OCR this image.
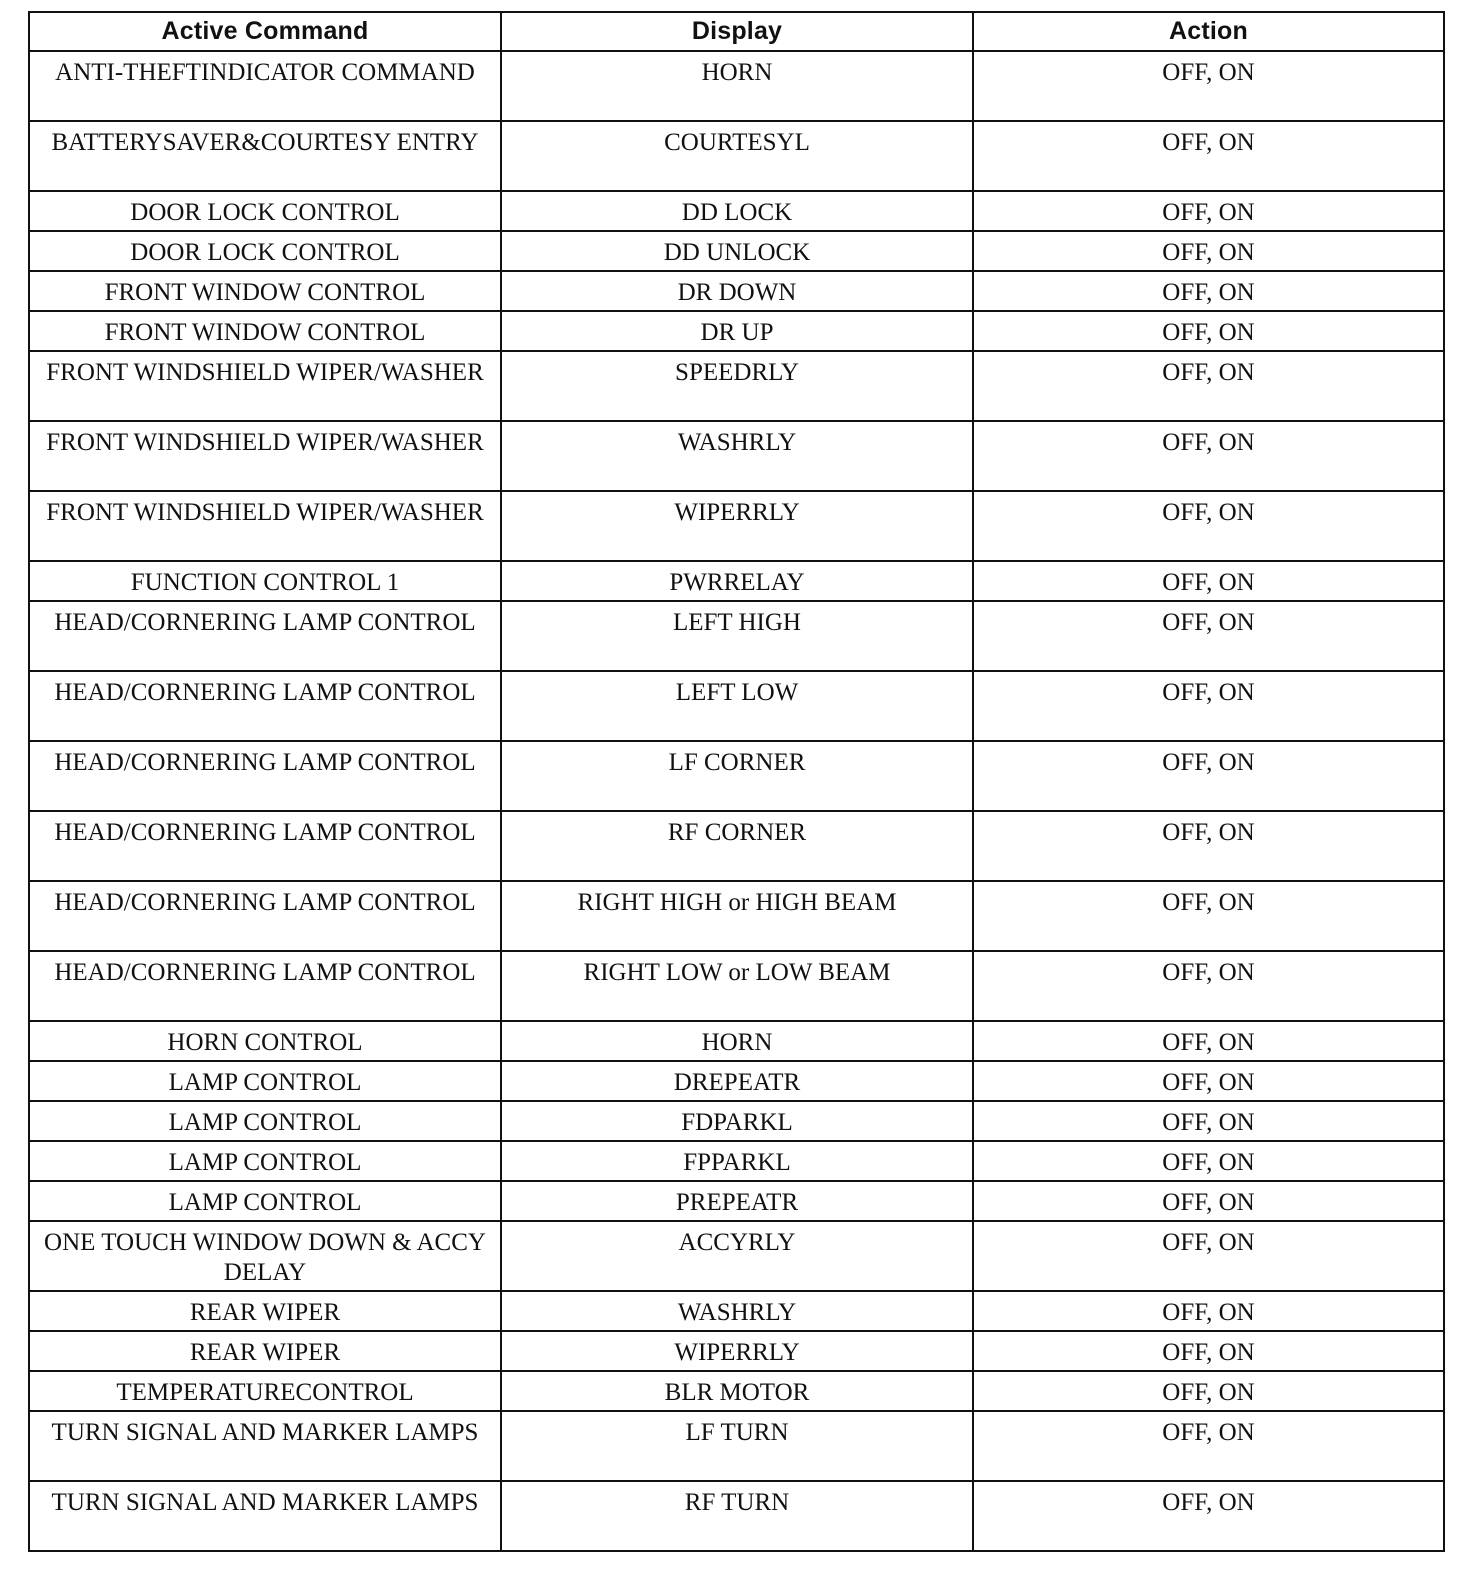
Active Command	Display	Action
ANTI-THEFTINDICATOR COMMAND	HORN	OFF, ON
BATTERYSAVER&COURTESY ENTRY	COURTESYL	OFF, ON
DOOR LOCK CONTROL	DD LOCK	OFF, ON
DOOR LOCK CONTROL	DD UNLOCK	OFF, ON
FRONT WINDOW CONTROL	DR DOWN	OFF, ON
FRONT WINDOW CONTROL	DR UP	OFF, ON
FRONT WINDSHIELD WIPER/WASHER	SPEEDRLY	OFF, ON
FRONT WINDSHIELD WIPER/WASHER	WASHRLY	OFF, ON
FRONT WINDSHIELD WIPER/WASHER	WIPERRLY	OFF, ON
FUNCTION CONTROL 1	PWRRELAY	OFF, ON
HEAD/CORNERING LAMP CONTROL	LEFT HIGH	OFF, ON
HEAD/CORNERING LAMP CONTROL	LEFT LOW	OFF, ON
HEAD/CORNERING LAMP CONTROL	LF CORNER	OFF, ON
HEAD/CORNERING LAMP CONTROL	RF CORNER	OFF, ON
HEAD/CORNERING LAMP CONTROL	RIGHT HIGH or HIGH BEAM	OFF, ON
HEAD/CORNERING LAMP CONTROL	RIGHT LOW or LOW BEAM	OFF, ON
HORN CONTROL	HORN	OFF, ON
LAMP CONTROL	DREPEATR	OFF, ON
LAMP CONTROL	FDPARKL	OFF, ON
LAMP CONTROL	FPPARKL	OFF, ON
LAMP CONTROL	PREPEATR	OFF, ON
ONE TOUCH WINDOW DOWN & ACCY DELAY	ACCYRLY	OFF, ON
REAR WIPER	WASHRLY	OFF, ON
REAR WIPER	WIPERRLY	OFF, ON
TEMPERATURECONTROL	BLR MOTOR	OFF, ON
TURN SIGNAL AND MARKER LAMPS	LF TURN	OFF, ON
TURN SIGNAL AND MARKER LAMPS	RF TURN	OFF, ON
